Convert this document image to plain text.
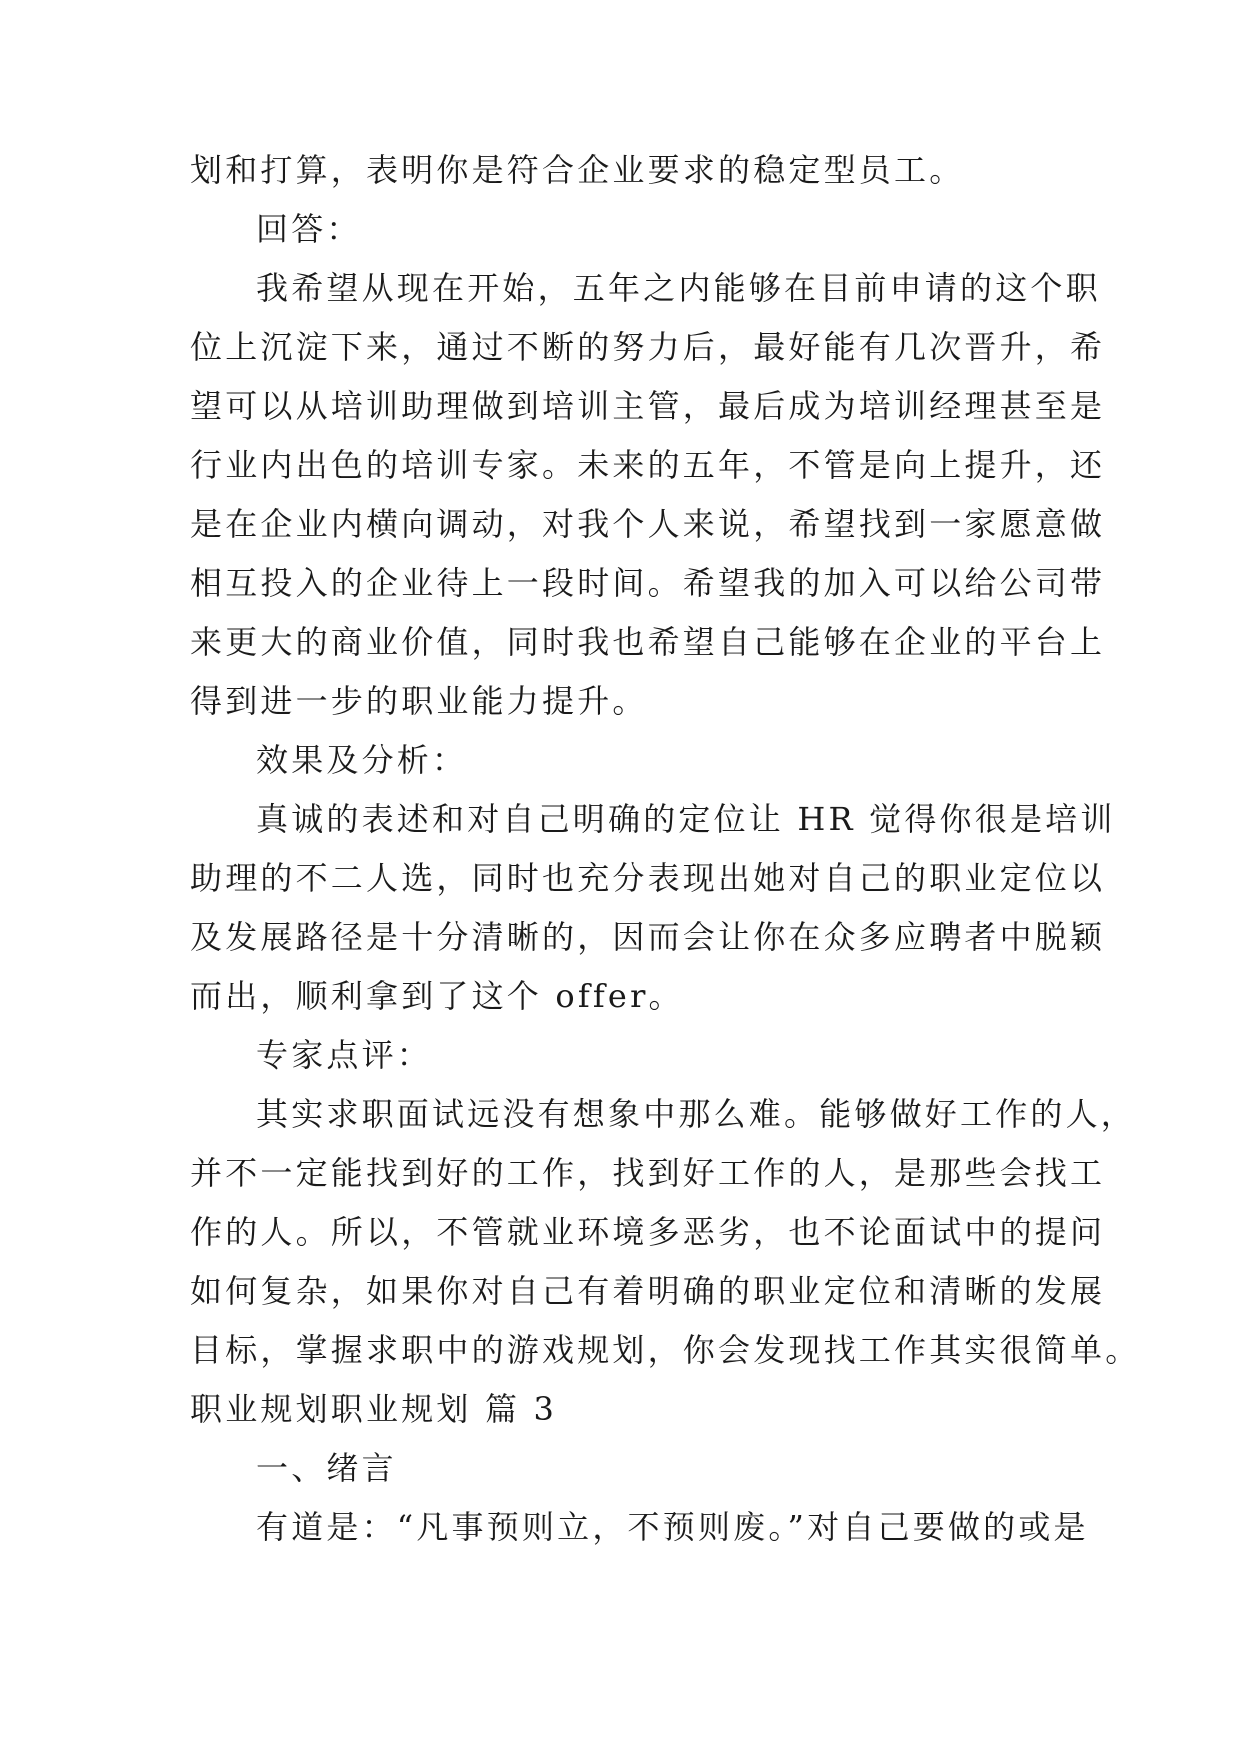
划和打算，表明你是符合企业要求的稳定型员工。
回答：
我希望从现在开始，五年之内能够在目前申请的这个职
位上沉淀下来，通过不断的努力后，最好能有几次晋升，希
望可以从培训助理做到培训主管，最后成为培训经理甚至是
行业内出色的培训专家。未来的五年，不管是向上提升，还
是在企业内横向调动，对我个人来说，希望找到一家愿意做
相互投入的企业待上一段时间。希望我的加入可以给公司带
来更大的商业价值，同时我也希望自己能够在企业的平台上
得到进一步的职业能力提升。
效果及分析：
真诚的表述和对自己明确的定位让 HR 觉得你很是培训
助理的不二人选，同时也充分表现出她对自己的职业定位以
及发展路径是十分清晰的，因而会让你在众多应聘者中脱颖
而出，顺利拿到了这个 offer。
专家点评：
其实求职面试远没有想象中那么难。能够做好工作的人，
并不一定能找到好的工作，找到好工作的人，是那些会找工
作的人。所以，不管就业环境多恶劣，也不论面试中的提问
如何复杂，如果你对自己有着明确的职业定位和清晰的发展
目标，掌握求职中的游戏规划，你会发现找工作其实很简单。
职业规划职业规划 篇 3
一、绪言
有道是：“凡事预则立，不预则废。”对自己要做的或是
